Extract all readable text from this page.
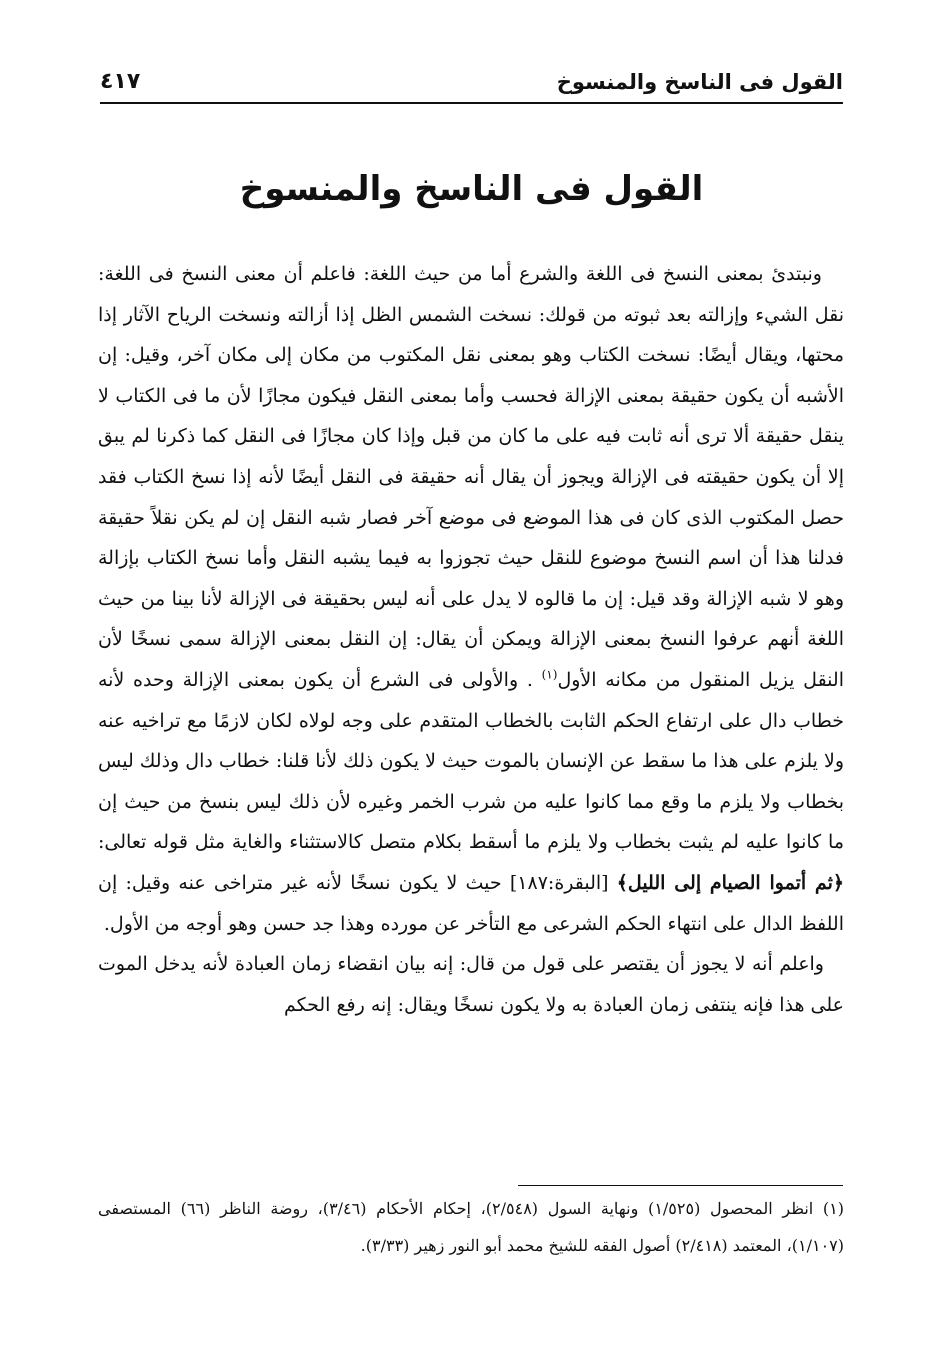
القول فى الناسخ والمنسوخ
٤١٧
القول فى الناسخ والمنسوخ

ونبتدئ بمعنى النسخ فى اللغة والشرع أما من حيث اللغة: فاعلم أن معنى النسخ فى اللغة: نقل الشيء وإزالته بعد ثبوته من قولك: نسخت الشمس الظل إذا أزالته ونسخت الرياح الآثار إذا محتها، ويقال أيضًا: نسخت الكتاب وهو بمعنى نقل المكتوب من مكان إلى مكان آخر، وقيل: إن الأشبه أن يكون حقيقة بمعنى الإزالة فحسب وأما بمعنى النقل فيكون مجازًا لأن ما فى الكتاب لا ينقل حقيقة ألا ترى أنه ثابت فيه على ما كان من قبل وإذا كان مجازًا فى النقل كما ذكرنا لم يبق إلا أن يكون حقيقته فى الإزالة ويجوز أن يقال أنه حقيقة فى النقل أيضًا لأنه إذا نسخ الكتاب فقد حصل المكتوب الذى كان فى هذا الموضع فى موضع آخر فصار شبه النقل إن لم يكن نقلاً حقيقة فدلنا هذا أن اسم النسخ موضوع للنقل حيث تجوزوا به فيما يشبه النقل وأما نسخ الكتاب بإزالة وهو لا شبه الإزالة وقد قيل: إن ما قالوه لا يدل على أنه ليس بحقيقة فى الإزالة لأنا بينا من حيث اللغة أنهم عرفوا النسخ بمعنى الإزالة ويمكن أن يقال: إن النقل بمعنى الإزالة سمى نسخًا لأن النقل يزيل المنقول من مكانه الأول$^{(١)}$ . والأولى فى الشرع أن يكون بمعنى الإزالة وحده لأنه خطاب دال على ارتفاع الحكم الثابت بالخطاب المتقدم على وجه لولاه لكان لازمًا مع تراخيه عنه ولا يلزم على هذا ما سقط عن الإنسان بالموت حيث لا يكون ذلك لأنا قلنا: خطاب دال وذلك ليس بخطاب ولا يلزم ما وقع مما كانوا عليه من شرب الخمر وغيره لأن ذلك ليس بنسخ من حيث إن ما كانوا عليه لم يثبت بخطاب ولا يلزم ما أسقط بكلام متصل كالاستثناء والغاية مثل قوله تعالى: ﴿ثم أتموا الصيام إلى الليل﴾ [البقرة:١٨٧] حيث لا يكون نسخًا لأنه غير متراخى عنه وقيل: إن اللفظ الدال على انتهاء الحكم الشرعى مع التأخر عن مورده وهذا جد حسن وهو أوجه من الأول.

واعلم أنه لا يجوز أن يقتصر على قول من قال: إنه بيان انقضاء زمان العبادة لأنه يدخل الموت على هذا فإنه ينتفى زمان العبادة به ولا يكون نسخًا ويقال: إنه رفع الحكم

(١) انظر المحصول (١/٥٢٥) ونهاية السول (٢/٥٤٨)، إحكام الأحكام (٣/٤٦)، روضة الناظر (٦٦) المستصفى (١/١٠٧)، المعتمد (٢/٤١٨) أصول الفقه للشيخ محمد أبو النور زهير (٣/٣٣).
